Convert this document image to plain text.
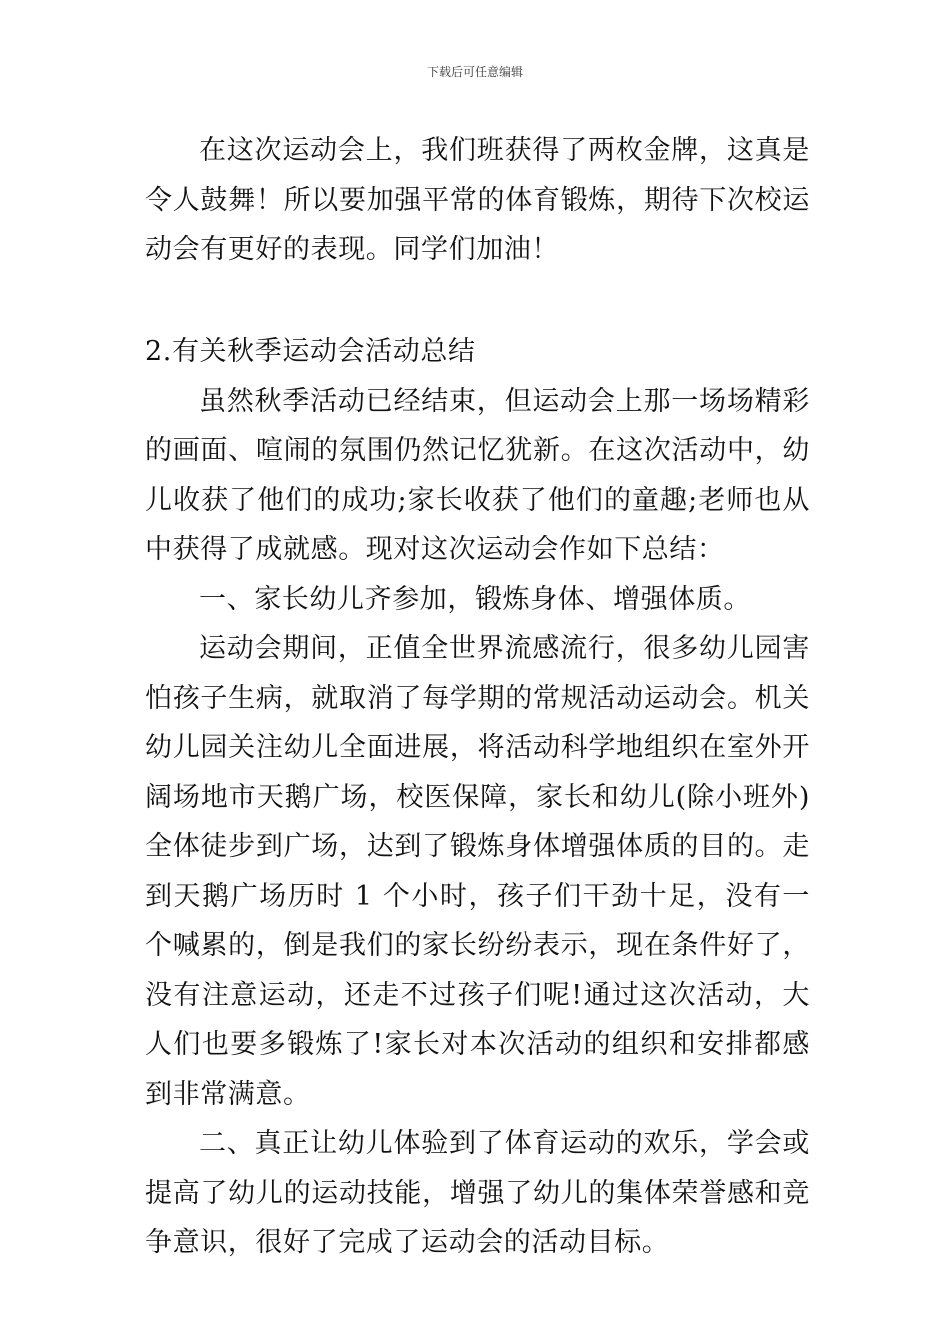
下载后可任意编辑

在这次运动会上，我们班获得了两枚金牌，这真是令人鼓舞！所以要加强平常的体育锻炼，期待下次校运动会有更好的表现。同学们加油！

2.有关秋季运动会活动总结

虽然秋季活动已经结束，但运动会上那一场场精彩的画面、喧闹的氛围仍然记忆犹新。在这次活动中，幼儿收获了他们的成功;家长收获了他们的童趣;老师也从中获得了成就感。现对这次运动会作如下总结：

一、家长幼儿齐参加，锻炼身体、增强体质。

运动会期间，正值全世界流感流行，很多幼儿园害怕孩子生病，就取消了每学期的常规活动运动会。机关幼儿园关注幼儿全面进展，将活动科学地组织在室外开阔场地市天鹅广场，校医保障，家长和幼儿(除小班外)全体徒步到广场，达到了锻炼身体增强体质的目的。走到天鹅广场历时 1 个小时，孩子们干劲十足，没有一个喊累的，倒是我们的家长纷纷表示，现在条件好了，没有注意运动，还走不过孩子们呢!通过这次活动，大人们也要多锻炼了!家长对本次活动的组织和安排都感到非常满意。

二、真正让幼儿体验到了体育运动的欢乐，学会或提高了幼儿的运动技能，增强了幼儿的集体荣誉感和竞争意识，很好了完成了运动会的活动目标。
